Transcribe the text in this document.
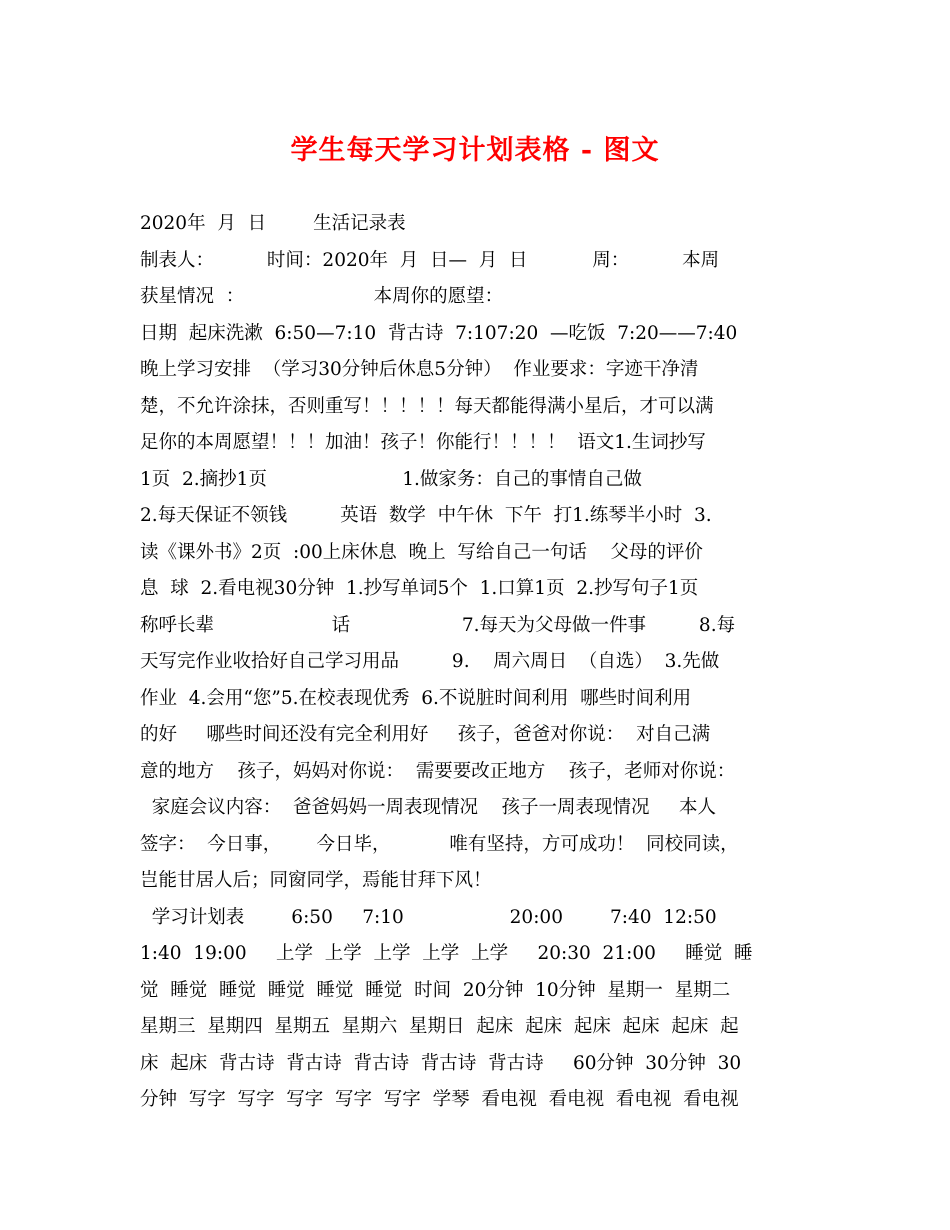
学生每天学习计划表格 - 图文
2020年  月  日        生活记录表
制表人：         时间：2020年  月  日—  月  日           周：         本周
获星情况  ：                      本周你的愿望：
日期  起床洗漱  6:50—7:10  背古诗  7:107:20  —吃饭  7:20——7:40
晚上学习安排  （学习30分钟后休息5分钟）  作业要求：字迹干净清
楚，不允许涂抹，否则重写！！！！！每天都能得满小星后，才可以满
足你的本周愿望！！！加油！孩子！你能行！！！！  语文1.生词抄写
1页  2.摘抄1页                       1.做家务：自己的事情自己做
2.每天保证不领钱         英语  数学  中午休  下午  打1.练琴半小时  3.
读《课外书》2页  :00上床休息  晚上  写给自己一句话    父母的评价
息  球  2.看电视30分钟  1.抄写单词5个  1.口算1页  2.抄写句子1页
称呼长辈                    话                   7.每天为父母做一件事         8.每
天写完作业收拾好自己学习用品         9.    周六周日  （自选）  3.先做
作业  4.会用“您”5.在校表现优秀  6.不说脏时间利用  哪些时间利用
的好     哪些时间还没有完全利用好     孩子，爸爸对你说：  对自己满
意的地方    孩子，妈妈对你说：  需要要改正地方    孩子，老师对你说：
家庭会议内容：  爸爸妈妈一周表现情况    孩子一周表现情况     本人
签字：  今日事，      今日毕，          唯有坚持，方可成功！  同校同读，
岂能甘居人后；同窗同学，焉能甘拜下风！
学习计划表        6:50     7:10                  20:00        7:40  12:50
1:40  19:00     上学  上学  上学  上学  上学     20:30  21:00     睡觉  睡
觉  睡觉  睡觉  睡觉  睡觉  睡觉  时间  20分钟  10分钟  星期一  星期二
星期三  星期四  星期五  星期六  星期日  起床  起床  起床  起床  起床  起
床  起床  背古诗  背古诗  背古诗  背古诗  背古诗     60分钟  30分钟  30
分钟  写字  写字  写字  写字  写字  学琴  看电视  看电视  看电视  看电视
